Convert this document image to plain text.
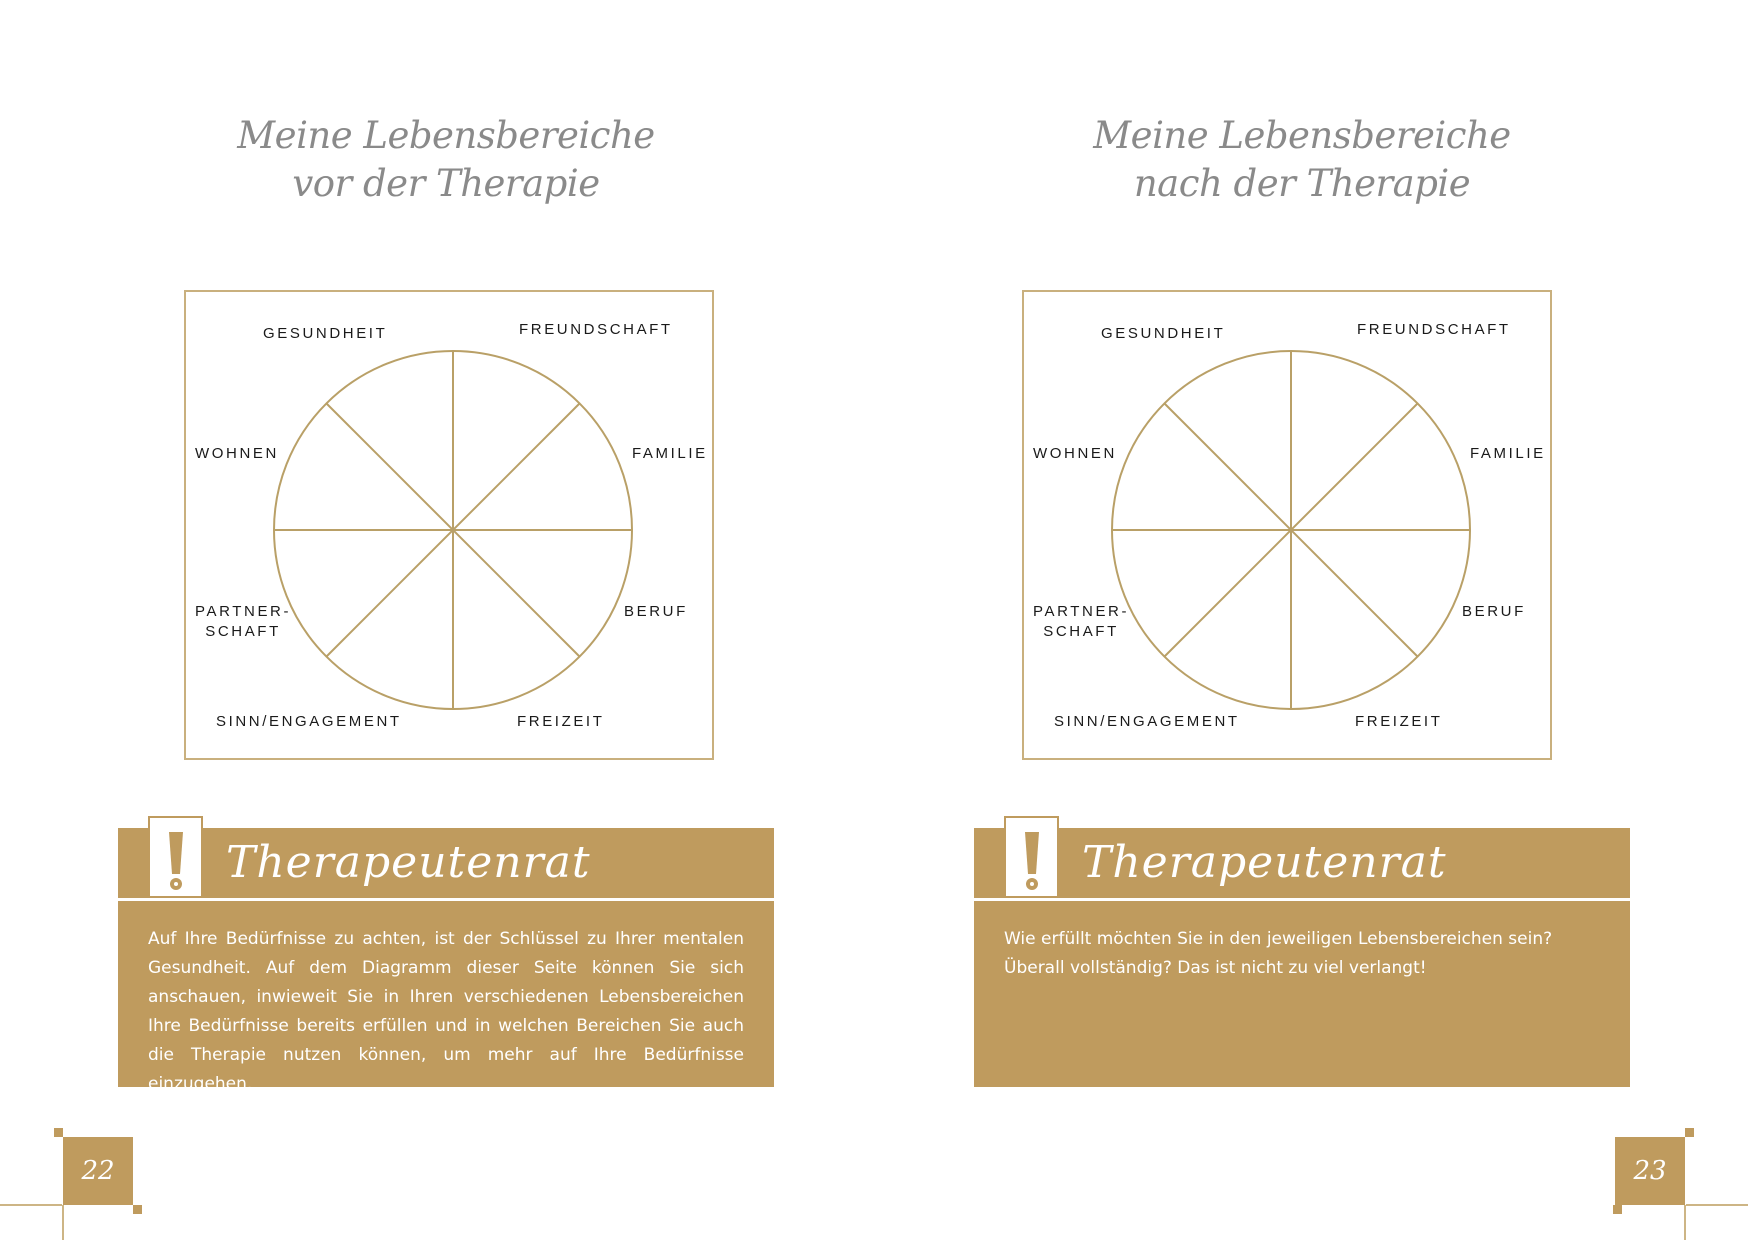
Meine Lebensbereiche
vor der Therapie
GESUNDHEIT	FREUNDSCHAFT
WOHNEN	FAMILIE
PARTNER-
SCHAFT
BERUF
SINN/ENGAGEMENT	FREIZEIT
Therapeutenrat
Auf Ihre Bedürfnisse zu achten, ist der Schlüssel zu Ihrer mentalen Gesundheit. Auf dem Diagramm dieser Seite können Sie sich anschauen, inwieweit Sie in Ihren verschiedenen Lebensbereichen Ihre Bedürfnisse bereits erfüllen und in welchen Bereichen Sie auch die Therapie nutzen können, um mehr auf Ihre Bedürfnisse einzugehen.
22
Meine Lebensbereiche
nach der Therapie
GESUNDHEIT	FREUNDSCHAFT
WOHNEN	FAMILIE
PARTNER-
SCHAFT
BERUF
SINN/ENGAGEMENT	FREIZEIT
Therapeutenrat
Wie erfüllt möchten Sie in den jeweiligen Lebensbereichen sein? Überall vollständig? Das ist nicht zu viel verlangt!
23
